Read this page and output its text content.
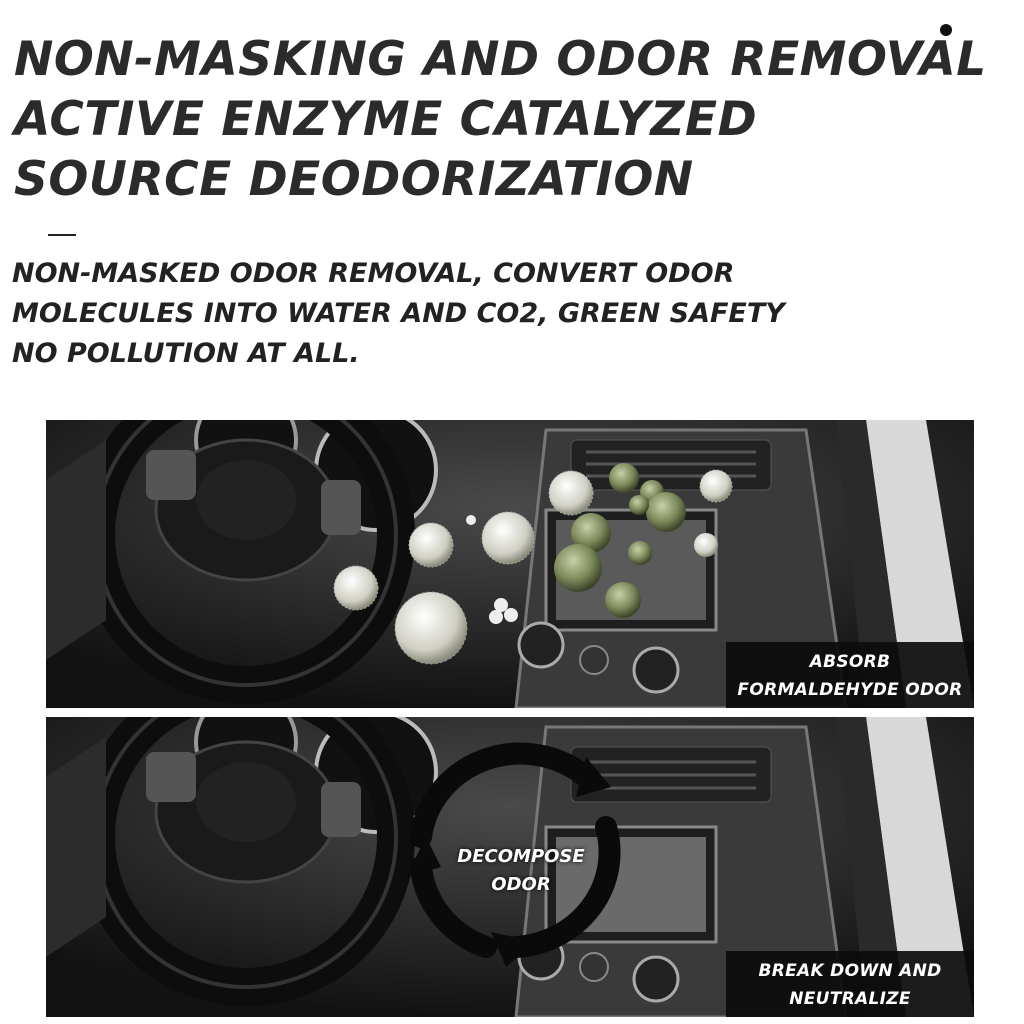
NON-MASKING AND ODOR REMOVAL
ACTIVE ENZYME CATALYZED
SOURCE DEODORIZATION

NON-MASKED ODOR REMOVAL, CONVERT ODOR
MOLECULES INTO WATER AND CO2, GREEN SAFETY
NO POLLUTION AT ALL.

ABSORB
FORMALDEHYDE ODOR
DECOMPOSE
ODOR
BREAK DOWN AND
NEUTRALIZE
